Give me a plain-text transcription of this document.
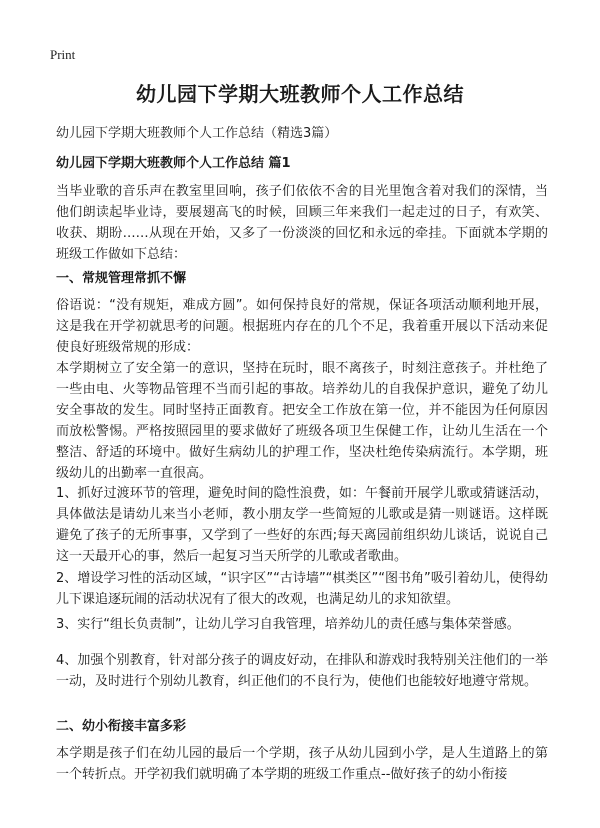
Print
幼儿园下学期大班教师个人工作总结
幼儿园下学期大班教师个人工作总结（精选3篇）
幼儿园下学期大班教师个人工作总结 篇1
当毕业歌的音乐声在教室里回响，孩子们依依不舍的目光里饱含着对我们的深情，当他们朗读起毕业诗，要展翅高飞的时候，回顾三年来我们一起走过的日子，有欢笑、收获、期盼……从现在开始，又多了一份淡淡的回忆和永远的牵挂。下面就本学期的班级工作做如下总结：
一、常规管理常抓不懈
俗语说：“没有规矩，难成方圆”。如何保持良好的常规，保证各项活动顺利地开展，这是我在开学初就思考的问题。根据班内存在的几个不足，我着重开展以下活动来促使良好班级常规的形成：
本学期树立了安全第一的意识，坚持在玩时，眼不离孩子，时刻注意孩子。并杜绝了一些由电、火等物品管理不当而引起的事故。培养幼儿的自我保护意识，避免了幼儿安全事故的发生。同时坚持正面教育。把安全工作放在第一位，并不能因为任何原因而放松警惕。严格按照园里的要求做好了班级各项卫生保健工作，让幼儿生活在一个整洁、舒适的环境中。做好生病幼儿的护理工作，坚决杜绝传染病流行。本学期，班级幼儿的出勤率一直很高。
1、抓好过渡环节的管理，避免时间的隐性浪费，如：午餐前开展学儿歌或猜谜活动，具体做法是请幼儿来当小老师，教小朋友学一些简短的儿歌或是猜一则谜语。这样既避免了孩子的无所事事，又学到了一些好的东西;每天离园前组织幼儿谈话，说说自己这一天最开心的事，然后一起复习当天所学的儿歌或者歌曲。
2、增设学习性的活动区域，“识字区”“古诗墙”“棋类区”“图书角”吸引着幼儿，使得幼儿下课追逐玩闹的活动状况有了很大的改观，也满足幼儿的求知欲望。
3、实行“组长负责制”，让幼儿学习自我管理，培养幼儿的责任感与集体荣誉感。
4、加强个别教育，针对部分孩子的调皮好动，在排队和游戏时我特别关注他们的一举一动，及时进行个别幼儿教育，纠正他们的不良行为，使他们也能较好地遵守常规。
二、幼小衔接丰富多彩
本学期是孩子们在幼儿园的最后一个学期，孩子从幼儿园到小学，是人生道路上的第一个转折点。开学初我们就明确了本学期的班级工作重点--做好孩子的幼小衔接
